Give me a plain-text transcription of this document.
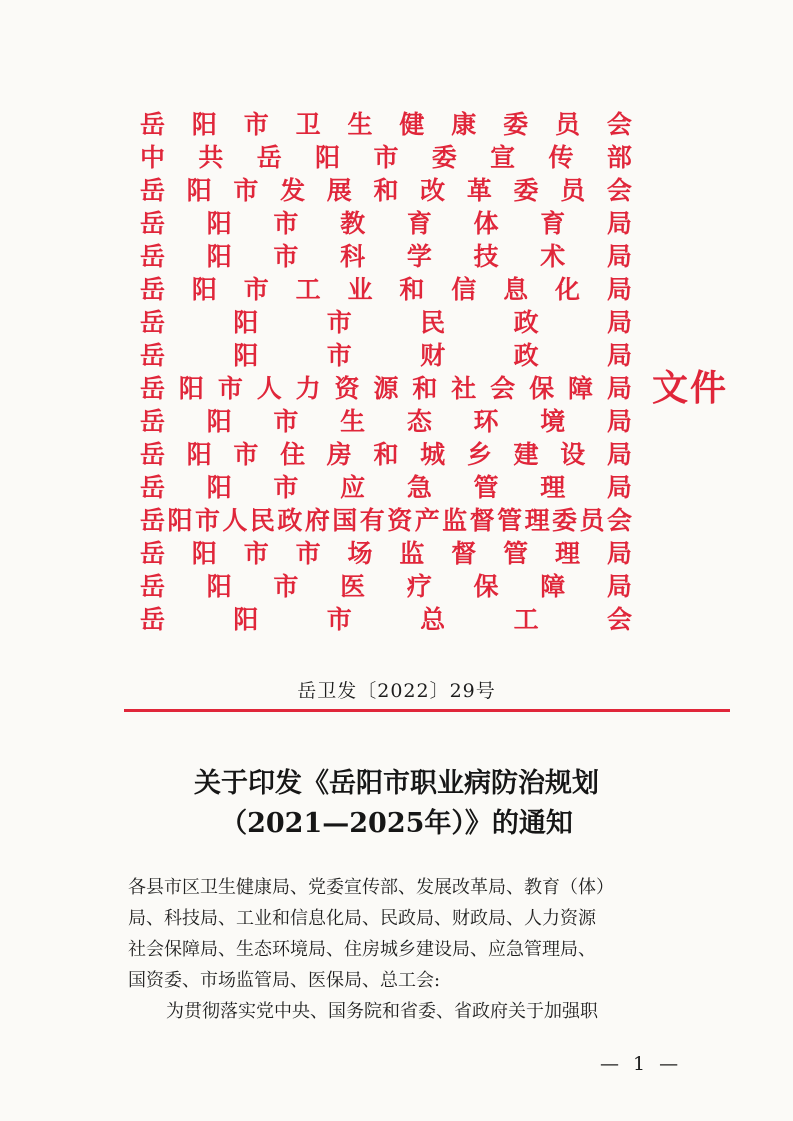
岳 阳 市 卫 生 健 康 委 员 会
中 共 岳 阳 市 委 宣 传 部
岳 阳 市 发 展 和 改 革 委 员 会
岳 阳 市 教 育 体 育 局
岳 阳 市 科 学 技 术 局
岳 阳 市 工 业 和 信 息 化 局
岳	阳	市	民	政	局
岳	阳	市	财	政	局
岳 阳 市 人 力 资 源 和 社 会 保 障 局
岳 阳 市 生 态 环 境 局
岳 阳 市 住 房 和 城 乡 建 设 局
岳 阳 市 应 急 管 理 局
岳 阳 市 人 民 政 府 国 有 资 产 监 督 管 理 委 员 会
岳 阳 市 市 场 监 督 管 理 局
岳 阳 市 医 疗 保 障 局
岳	阳	市	总	工	会
文件
岳卫发〔2022〕29号
关于印发《岳阳市职业病防治规划
（2021—2025年）》的通知

各县市区卫生健康局、党委宣传部、发展改革局、教育（体）

局、科技局、工业和信息化局、民政局、财政局、人力资源

社会保障局、生态环境局、住房城乡建设局、应急管理局、

国资委、市场监管局、医保局、总工会:

为贯彻落实党中央、国务院和省委、省政府关于加强职

— 1 —
